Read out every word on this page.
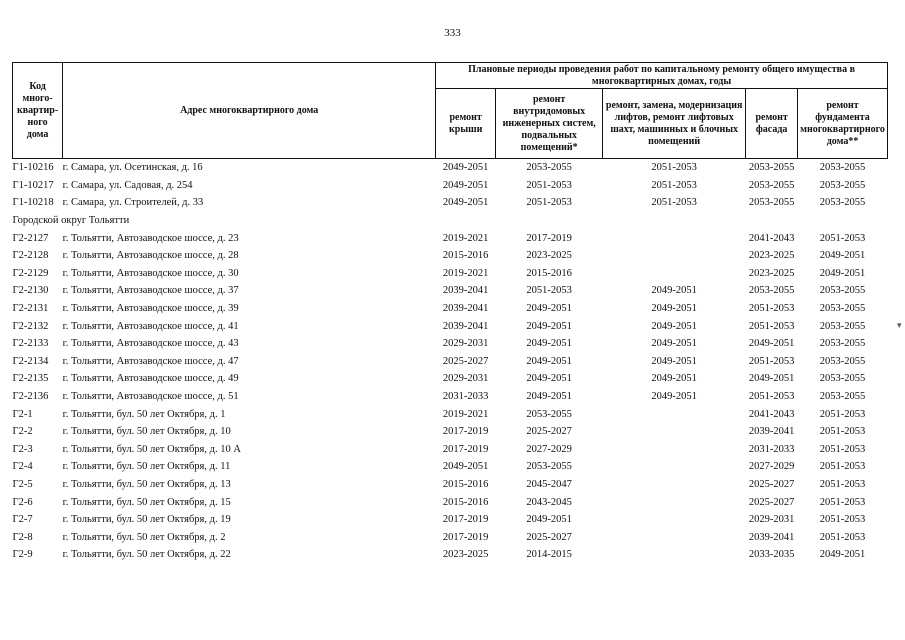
333
Код много-квартир-ного дома	Адрес многоквартирного дома	Плановые периоды проведения работ по капитальному ремонту общего имущества в многоквартирных домах, годы				
		ремонт крыши	ремонт внутридомовых инженерных систем, подвальных помещений*	ремонт, замена, модернизация лифтов, ремонт лифтовых шахт, машинных и блочных помещений	ремонт фасада	ремонт фундамента многоквартирного дома**
Г1-10216	г. Самара, ул. Осетинская, д. 16	2049-2051	2053-2055	2051-2053	2053-2055	2053-2055
Г1-10217	г. Самара, ул. Садовая, д. 254	2049-2051	2051-2053	2051-2053	2053-2055	2053-2055
Г1-10218	г. Самара, ул. Строителей, д. 33	2049-2051	2051-2053	2051-2053	2053-2055	2053-2055
Городской округ Тольятти						
Г2-2127	г. Тольятти, Автозаводское шоссе, д. 23	2019-2021	2017-2019		2041-2043	2051-2053
Г2-2128	г. Тольятти, Автозаводское шоссе, д. 28	2015-2016	2023-2025		2023-2025	2049-2051
Г2-2129	г. Тольятти, Автозаводское шоссе, д. 30	2019-2021	2015-2016		2023-2025	2049-2051
Г2-2130	г. Тольятти, Автозаводское шоссе, д. 37	2039-2041	2051-2053	2049-2051	2053-2055	2053-2055
Г2-2131	г. Тольятти, Автозаводское шоссе, д. 39	2039-2041	2049-2051	2049-2051	2051-2053	2053-2055
Г2-2132	г. Тольятти, Автозаводское шоссе, д. 41	2039-2041	2049-2051	2049-2051	2051-2053	2053-2055
Г2-2133	г. Тольятти, Автозаводское шоссе, д. 43	2029-2031	2049-2051	2049-2051	2049-2051	2053-2055
Г2-2134	г. Тольятти, Автозаводское шоссе, д. 47	2025-2027	2049-2051	2049-2051	2051-2053	2053-2055
Г2-2135	г. Тольятти, Автозаводское шоссе, д. 49	2029-2031	2049-2051	2049-2051	2049-2051	2053-2055
Г2-2136	г. Тольятти, Автозаводское шоссе, д. 51	2031-2033	2049-2051	2049-2051	2051-2053	2053-2055
Г2-1	г. Тольятти, бул. 50 лет Октября, д. 1	2019-2021	2053-2055		2041-2043	2051-2053
Г2-2	г. Тольятти, бул. 50 лет Октября, д. 10	2017-2019	2025-2027		2039-2041	2051-2053
Г2-3	г. Тольятти, бул. 50 лет Октября, д. 10 А	2017-2019	2027-2029		2031-2033	2051-2053
Г2-4	г. Тольятти, бул. 50 лет Октября, д. 11	2049-2051	2053-2055		2027-2029	2051-2053
Г2-5	г. Тольятти, бул. 50 лет Октября, д. 13	2015-2016	2045-2047		2025-2027	2051-2053
Г2-6	г. Тольятти, бул. 50 лет Октября, д. 15	2015-2016	2043-2045		2025-2027	2051-2053
Г2-7	г. Тольятти, бул. 50 лет Октября, д. 19	2017-2019	2049-2051		2029-2031	2051-2053
Г2-8	г. Тольятти, бул. 50 лет Октября, д. 2	2017-2019	2025-2027		2039-2041	2051-2053
Г2-9	г. Тольятти, бул. 50 лет Октября, д. 22	2023-2025	2014-2015		2033-2035	2049-2051
▾
